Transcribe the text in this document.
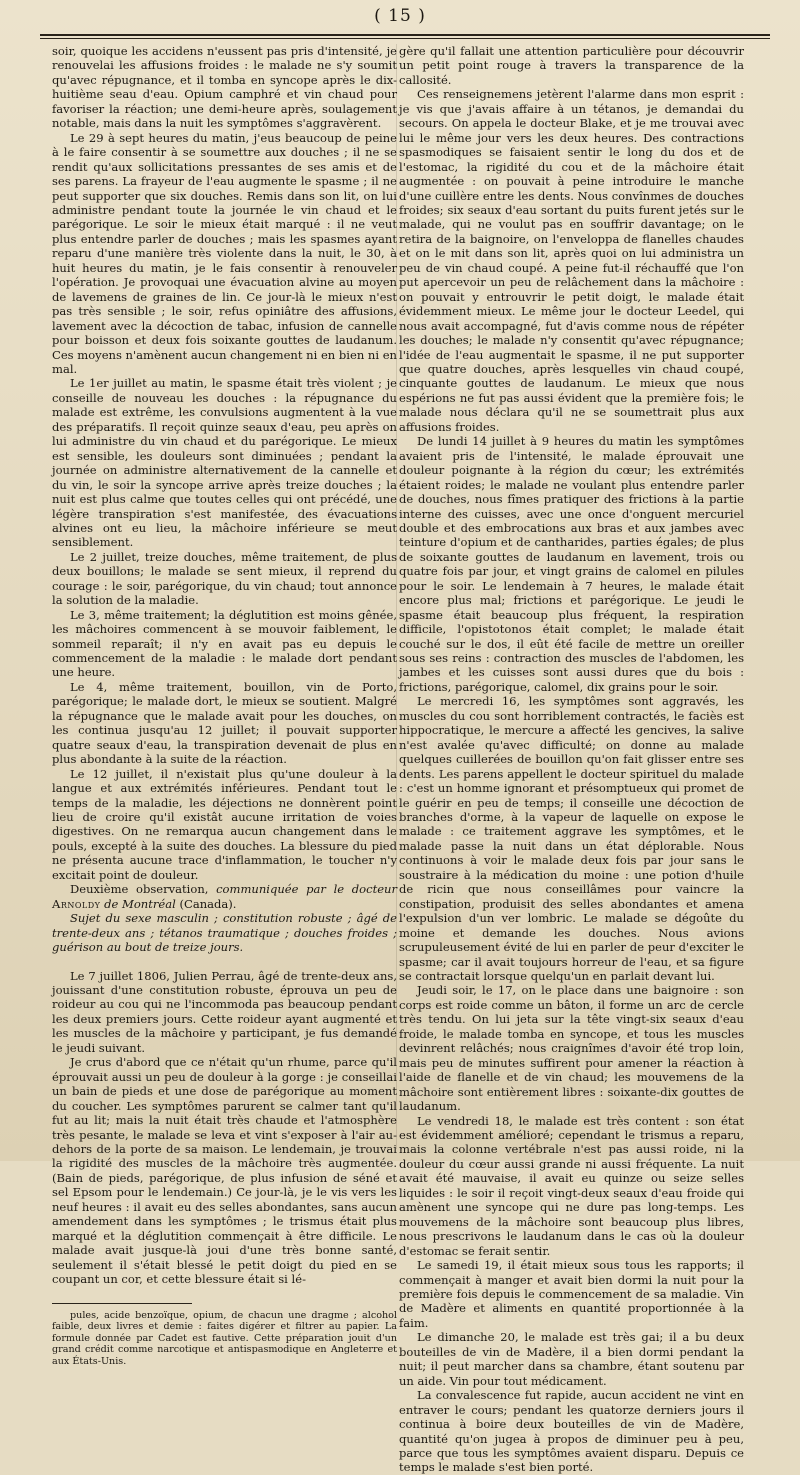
( 15 )

soir, quoique les accidens n'eussent pas pris d'intensité, je renouvelai les affusions froides : le malade ne s'y soumit qu'avec répugnance, et il tomba en syncope après le dix-huitième seau d'eau. Opium camphré et vin chaud pour favoriser la réaction; une demi-heure après, soulagement notable, mais dans la nuit les symptômes s'aggravèrent.

Le 29 à sept heures du matin, j'eus beaucoup de peine à le faire consentir à se soumettre aux douches ; il ne se rendit qu'aux sollicitations pressantes de ses amis et de ses parens. La frayeur de l'eau augmente le spasme ; il ne peut supporter que six douches. Remis dans son lit, on lui administre pendant toute la journée le vin chaud et le parégorique. Le soir le mieux était marqué : il ne veut plus entendre parler de douches ; mais les spasmes ayant reparu d'une manière très violente dans la nuit, le 30, à huit heures du matin, je le fais consentir à renouveler l'opération. Je provoquai une évacuation alvine au moyen de lavemens de graines de lin. Ce jour-là le mieux n'est pas très sensible ; le soir, refus opiniâtre des affusions, lavement avec la décoction de tabac, infusion de cannelle pour boisson et deux fois soixante gouttes de laudanum. Ces moyens n'amènent aucun changement ni en bien ni en mal.

Le 1er juillet au matin, le spasme était très violent ; je conseille de nouveau les douches : la répugnance du malade est extrême, les convulsions augmentent à la vue des préparatifs. Il reçoit quinze seaux d'eau, peu après on lui administre du vin chaud et du parégorique. Le mieux est sensible, les douleurs sont diminuées ; pendant la journée on administre alternativement de la cannelle et du vin, le soir la syncope arrive après treize douches ; la nuit est plus calme que toutes celles qui ont précédé, une légère transpiration s'est manifestée, des évacuations alvines ont eu lieu, la mâchoire inférieure se meut sensiblement.

Le 2 juillet, treize douches, même traitement, de plus deux bouillons; le malade se sent mieux, il reprend du courage : le soir, parégorique, du vin chaud; tout annonce la solution de la maladie.

Le 3, même traitement; la déglutition est moins gênée, les mâchoires commencent à se mouvoir faiblement, le sommeil reparaît; il n'y en avait pas eu depuis le commencement de la maladie : le malade dort pendant une heure.

Le 4, même traitement, bouillon, vin de Porto, parégorique; le malade dort, le mieux se soutient. Malgré la répugnance que le malade avait pour les douches, on les continua jusqu'au 12 juillet; il pouvait supporter quatre seaux d'eau, la transpiration devenait de plus en plus abondante à la suite de la réaction.

Le 12 juillet, il n'existait plus qu'une douleur à la langue et aux extrémités inférieures. Pendant tout le temps de la maladie, les déjections ne donnèrent point lieu de croire qu'il existât aucune irritation de voies digestives. On ne remarqua aucun changement dans le pouls, excepté à la suite des douches. La blessure du pied ne présenta aucune trace d'inflammation, le toucher n'y excitait point de douleur.

Deuxième observation, communiquée par le docteur Arnoldy de Montréal (Canada).

Sujet du sexe masculin ; constitution robuste ; âgé de trente-deux ans ; tétanos traumatique ; douches froides ; guérison au bout de treize jours.

Le 7 juillet 1806, Julien Perrau, âgé de trente-deux ans, jouissant d'une constitution robuste, éprouva un peu de roideur au cou qui ne l'incommoda pas beaucoup pendant les deux premiers jours. Cette roideur ayant augmenté et les muscles de la mâchoire y participant, je fus demandé le jeudi suivant.

Je crus d'abord que ce n'était qu'un rhume, parce qu'il éprouvait aussi un peu de douleur à la gorge : je conseillai un bain de pieds et une dose de parégorique au moment du coucher. Les symptômes parurent se calmer tant qu'il fut au lit; mais la nuit était très chaude et l'atmosphère très pesante, le malade se leva et vint s'exposer à l'air au-dehors de la porte de sa maison. Le lendemain, je trouvai la rigidité des muscles de la mâchoire très augmentée. (Bain de pieds, parégorique, de plus infusion de séné et sel Epsom pour le lendemain.) Ce jour-là, je le vis vers les neuf heures : il avait eu des selles abondantes, sans aucun amendement dans les symptômes ; le trismus était plus marqué et la déglutition commençait à être difficile. Le malade avait jusque-là joui d'une très bonne santé, seulement il s'était blessé le petit doigt du pied en se coupant un cor, et cette blessure était si lé-

pules, acide benzoïque, opium, de chacun une dragme ; alcohol faible, deux livres et demie : faites digérer et filtrer au papier. La formule donnée par Cadet est fautive. Cette préparation jouit d'un grand crédit comme narcotique et antispasmodique en Angleterre et aux États-Unis.

gère qu'il fallait une attention particulière pour découvrir un petit point rouge à travers la transparence de la callosité.

Ces renseignemens jetèrent l'alarme dans mon esprit : je vis que j'avais affaire à un tétanos, je demandai du secours. On appela le docteur Blake, et je me trouvai avec lui le même jour vers les deux heures. Des contractions spasmodiques se faisaient sentir le long du dos et de l'estomac, la rigidité du cou et de la mâchoire était augmentée : on pouvait à peine introduire le manche d'une cuillère entre les dents. Nous convînmes de douches froides; six seaux d'eau sortant du puits furent jetés sur le malade, qui ne voulut pas en souffrir davantage; on le retira de la baignoire, on l'enveloppa de flanelles chaudes et on le mit dans son lit, après quoi on lui administra un peu de vin chaud coupé. A peine fut-il réchauffé que l'on put apercevoir un peu de relâchement dans la mâchoire : on pouvait y entrouvrir le petit doigt, le malade était évidemment mieux. Le même jour le docteur Leedel, qui nous avait accompagné, fut d'avis comme nous de répéter les douches; le malade n'y consentit qu'avec répugnance; l'idée de l'eau augmentait le spasme, il ne put supporter que quatre douches, après lesquelles vin chaud coupé, cinquante gouttes de laudanum. Le mieux que nous espérions ne fut pas aussi évident que la première fois; le malade nous déclara qu'il ne se soumettrait plus aux affusions froides.

De lundi 14 juillet à 9 heures du matin les symptômes avaient pris de l'intensité, le malade éprouvait une douleur poignante à la région du cœur; les extrémités étaient roides; le malade ne voulant plus entendre parler de douches, nous fîmes pratiquer des frictions à la partie interne des cuisses, avec une once d'onguent mercuriel double et des embrocations aux bras et aux jambes avec teinture d'opium et de cantharides, parties égales; de plus de soixante gouttes de laudanum en lavement, trois ou quatre fois par jour, et vingt grains de calomel en pilules pour le soir. Le lendemain à 7 heures, le malade était encore plus mal; frictions et parégorique. Le jeudi le spasme était beaucoup plus fréquent, la respiration difficile, l'opistotonos était complet; le malade était couché sur le dos, il eût été facile de mettre un oreiller sous ses reins : contraction des muscles de l'abdomen, les jambes et les cuisses sont aussi dures que du bois : frictions, parégorique, calomel, dix grains pour le soir.

Le mercredi 16, les symptômes sont aggravés, les muscles du cou sont horriblement contractés, le faciès est hippocratique, le mercure a affecté les gencives, la salive n'est avalée qu'avec difficulté; on donne au malade quelques cuillerées de bouillon qu'on fait glisser entre ses dents. Les parens appellent le docteur spirituel du malade : c'est un homme ignorant et présomptueux qui promet de le guérir en peu de temps; il conseille une décoction de branches d'orme, à la vapeur de laquelle on expose le malade : ce traitement aggrave les symptômes, et le malade passe la nuit dans un état déplorable. Nous continuons à voir le malade deux fois par jour sans le soustraire à la médication du moine : une potion d'huile de ricin que nous conseillâmes pour vaincre la constipation, produisit des selles abondantes et amena l'expulsion d'un ver lombric. Le malade se dégoûte du moine et demande les douches. Nous avions scrupuleusement évité de lui en parler de peur d'exciter le spasme; car il avait toujours horreur de l'eau, et sa figure se contractait lorsque quelqu'un en parlait devant lui.

Jeudi soir, le 17, on le place dans une baignoire : son corps est roide comme un bâton, il forme un arc de cercle très tendu. On lui jeta sur la tête vingt-six seaux d'eau froide, le malade tomba en syncope, et tous les muscles devinrent relâchés; nous craignîmes d'avoir été trop loin, mais peu de minutes suffirent pour amener la réaction à l'aide de flanelle et de vin chaud; les mouvemens de la mâchoire sont entièrement libres : soixante-dix gouttes de laudanum.

Le vendredi 18, le malade est très content : son état est évidemment amélioré; cependant le trismus a reparu, mais la colonne vertébrale n'est pas aussi roide, ni la douleur du cœur aussi grande ni aussi fréquente. La nuit avait été mauvaise, il avait eu quinze ou seize selles liquides : le soir il reçoit vingt-deux seaux d'eau froide qui amènent une syncope qui ne dure pas long-temps. Les mouvemens de la mâchoire sont beaucoup plus libres, nous prescrivons le laudanum dans le cas où la douleur d'estomac se ferait sentir.

Le samedi 19, il était mieux sous tous les rapports; il commençait à manger et avait bien dormi la nuit pour la première fois depuis le commencement de sa maladie. Vin de Madère et aliments en quantité proportionnée à la faim.

Le dimanche 20, le malade est très gai; il a bu deux bouteilles de vin de Madère, il a bien dormi pendant la nuit; il peut marcher dans sa chambre, étant soutenu par un aide. Vin pour tout médicament.

La convalescence fut rapide, aucun accident ne vint en entraver le cours; pendant les quatorze derniers jours il continua à boire deux bouteilles de vin de Madère, quantité qu'on jugea à propos de diminuer peu à peu, parce que tous les symptômes avaient disparu. Depuis ce temps le malade s'est bien porté.
